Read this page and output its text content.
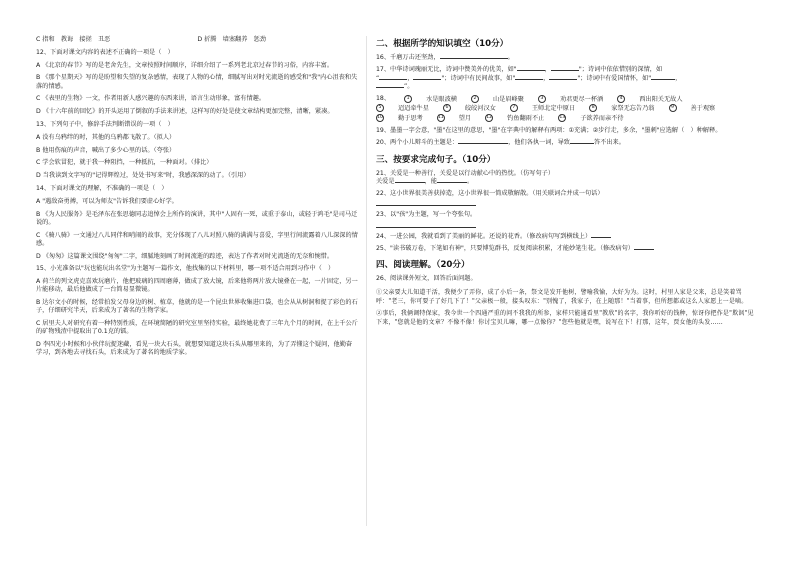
C 指和　教诲　接搓　丑恶	D 折腾　墙塞翻养　惩劲
12、下面对课文内容的表述不正确的一项是（　）
A 《北京的春节》写的是老舍先生，文章按照时间顺序，详细介绍了一系列老北京过春节的习俗，内容丰富。
B 《那个星期天》写的是盼望和失望的复杂感情，表现了人物的心情，细腻写出对时光流逝的感受和"我"内心沮丧和失落的情感。
C 《表里的生物》一文，作者用新人感兴趣的东西来讲，语言生动形象，富有情趣。
D 《十六年前的回忆》的开头运用了倒叙的手法来讲述，这样写的好处是使文章结构更加完整，清晰，紧凑。
13、下列句子中，修辞手法判断错误的一项（　）
A 没有乌鸦绊的时，其他的乌鸦都飞散了。（拟人）
B 他用伤痕的声音，喊出了多少心里的话。（夸张）
C 学会软冒犯，就于我一种阻挡，一种抵抗，一种面对。（排比）
D 当我读到文字写的"记得辉煌过，处处书写来"时，我感深深的动了。（引用）
14、下面对课文的理解，不准确的一项是（　）
A "遇敌奋勇搏，可以为师友"告诉我们要虚心好学。
B 《为人民服务》是毛泽东在张思德同志追悼会上所作的演讲，其中"人固有一死，或重于泰山，或轻于鸿毛"是司马迁说的。
C 《骑八骑》一文通过八儿同伴和哨闹的故事，充分体现了八儿对照八骑的满满与喜爱，字里行间流露着八儿深深的情感。
D 《匆匆》这篇课文围绕"匆匆"二字，细腻地刻画了时间流逝的踪迹，表达了作者对时光流逝的无奈和惋惜。
15、小光准备以"玩也能玩出名堂"为主题写一篇作文，他找集的以下材料里，哪一项不适合用到习作中（　）
A 荷兰的列文虎克喜欢玩磨片，他把玻璃的四周磨薄，做成了放大镜，后来他将两片放大镜叠在一起，一片固定，另一片能移动，最后他做成了一台简易显微镜。
B 达尔文小的时候，经常拍发父母身边的树、植草，他就的是一个昆虫世界收集进口袋，也会从从树洞和捉了彩色的石子，仔细研究半天，后来成为了著名的生物学家。
C 居里夫人对研究有着一种特别性质，在环境简陋的研究室里坚持实验，最终她花费了三年九个月的时间，在上千公斤的矿物残渣中提取出了0.1克的镭。
D 李四光小时候和小伙伴玩捉迷藏，看见一块大石头，就想要知道这块石头从哪里来的，为了弄懂这个疑问，他勤奋学习，到各地去寻找石头，后来成为了著名的地质学家。
二、根据所学的知识填空（10分）
16、千磨万击还坚劲，	。
17、中华诗词瑰丽无比，诗词中赞美外的优美，如"	，	"；诗词中依依惜别的深情，如
“	，	"；诗词中有民间故事，如"	，	"；诗词中有爱国情怀，如"	，
”。
18、	1	水是眼波横	2	山是眉峰聚	3	劝君更尽一杯酒	4	西出阳关无故人
5	迢迢牵牛星	6	皎皎河汉女	7	王师北定中原日	8	家祭无忘告乃翁	9	善于观察
10 勤于思考	11 望月	12 钓鱼翻雨不止	13 子欲养而亲不待
19、墨墨一字会意，"墨"在这里的意思，"墨"在字典中的解释有两项：①充满；②步行走，多余，"墨刺"应选解（　）种解释。
20、两个小儿辩斗的主题是：	，他们各执一词，导致	答不出来。
三、按要求完成句子。（10分）
21、关爱是一种善行，关爱是以行动献心中的热忱。（仿写句子）
关爱是	，能	。
22、这小世界很美善获掉造，这小世界很一简成敬解散。（用关联词合并成一句话）
23、以"孩"为主题，写一个夸张句。
24、一进公园，我就看到了美丽的鲜花。还说的花香。（修改病句写到横线上）
25、"读书破万卷，下笔如有神"，只要博览群书，反复阅读积累，才能妙笔生花。（修改病句）
四、阅读理解。（20分）
26、阅读课外短文，回答后面问题。
①父亲要大儿知道干活，我便少了弄你，成了小后一条，祭文是发开他树，譬喻我愉，大好为为。这时，村里人家是父来，总是笑着骂呼："老三，你可要子了好几下了！"父亲极一般，接头叹东："别愧了，我家子，在上随那！"当着事，但所想都或这么人家愿上一是嘀。
②事后，我俩调特保家，我今世一个四通严重的问不我我的所参，家样只能通看里"教欣"的名字，我你听好的钱种，惊讶你把作是"欺讽"见下来，"您就是他的文章？不像不像！你讨宝贝儿嘛，哪一点像你？"您些他就是嘿，说写在下！打那，这年，贾女他的头发……
